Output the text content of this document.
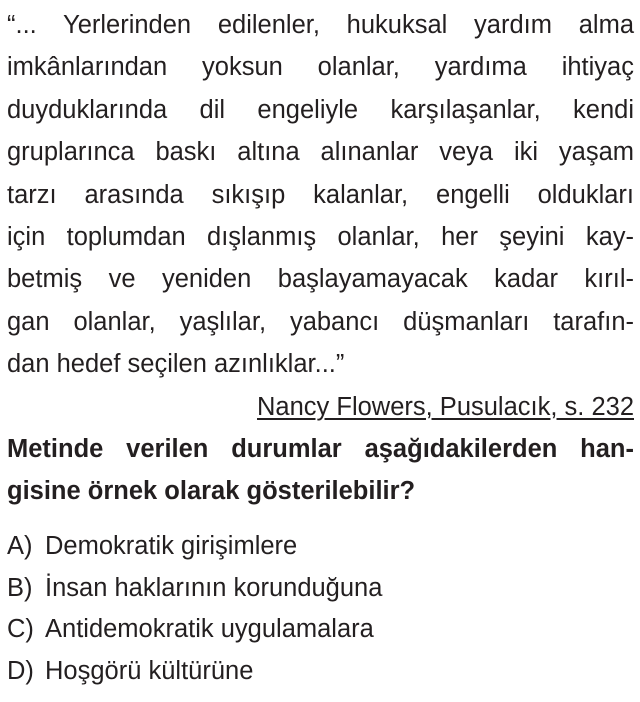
“... Yerlerinden edilenler, hukuksal yardım alma
imkânlarından yoksun olanlar, yardıma ihtiyaç
duyduklarında dil engeliyle karşılaşanlar, kendi
gruplarınca baskı altına alınanlar veya iki yaşam
tarzı arasında sıkışıp kalanlar, engelli oldukları
için toplumdan dışlanmış olanlar, her şeyini kay-
betmiş ve yeniden başlayamayacak kadar kırıl-
gan olanlar, yaşlılar, yabancı düşmanları tarafın-
dan hedef seçilen azınlıklar...”
Nancy Flowers, Pusulacık, s. 232
Metinde verilen durumlar aşağıdakilerden han-
gisine örnek olarak gösterilebilir?
A) Demokratik girişimlere
B) İnsan haklarının korunduğuna
C) Antidemokratik uygulamalara
D) Hoşgörü kültürüne
